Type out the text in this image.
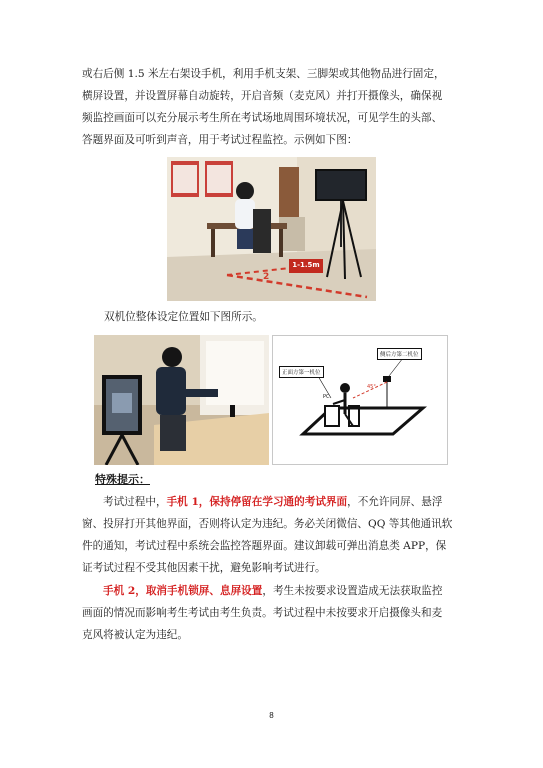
或右后侧 1.5 米左右架设手机，利用手机支架、三脚架或其他物品进行固定，

横屏设置，并设置屏幕自动旋转，开启音频（麦克风）并打开摄像头，确保视

频监控画面可以充分展示考生所在考试场地周围环境状况，可见学生的头部、

答题界面及可听到声音，用于考试过程监控。示例如下图：

1-1.5m
2

双机位整体设定位置如下图所示。

正面方第一机位
侧后方第二机位
PC
45°
特殊提示：

考试过程中，手机 1，保持停留在学习通的考试界面，不允许同屏、悬浮

窗、投屏打开其他界面，否则将认定为违纪。务必关闭微信、QQ 等其他通讯软

件的通知，考试过程中系统会监控答题界面。建议卸载可弹出消息类 APP，保

证考试过程不受其他因素干扰，避免影响考试进行。

手机 2，取消手机锁屏、息屏设置，考生未按要求设置造成无法获取监控

画面的情况而影响考生考试由考生负责。考试过程中未按要求开启摄像头和麦

克风将被认定为违纪。

8
